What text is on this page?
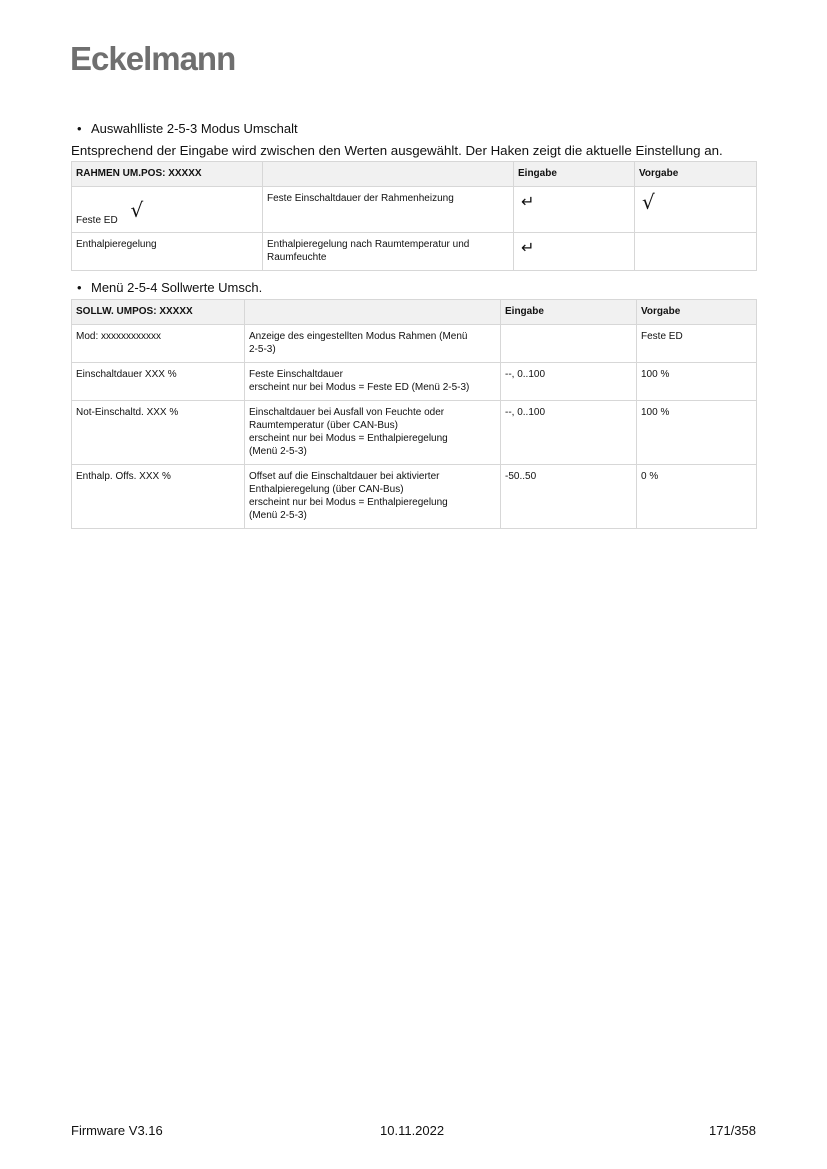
Eckelmann
• Auswahlliste 2-5-3 Modus Umschalt
Entsprechend der Eingabe wird zwischen den Werten ausgewählt. Der Haken zeigt die aktuelle Einstellung an.
RAHMEN UM.POS: XXXXX		Eingabe	Vorgabe
Feste ED √	Feste Einschaltdauer der Rahmenheizung	↵	√
Enthalpieregelung	Enthalpieregelung nach Raumtemperatur und Raumfeuchte	↵	
• Menü 2-5-4 Sollwerte Umsch.
SOLLW. UMPOS: XXXXX		Eingabe	Vorgabe
Mod: xxxxxxxxxxxx	Anzeige des eingestellten Modus Rahmen (Menü
2-5-3)		Feste ED
Einschaltdauer XXX %	Feste Einschaltdauer
erscheint nur bei Modus = Feste ED (Menü 2-5-3)	--, 0..100	100 %
Not-Einschaltd. XXX %	Einschaltdauer bei Ausfall von Feuchte oder
Raumtemperatur (über CAN-Bus)
erscheint nur bei Modus = Enthalpieregelung
(Menü 2-5-3)	--, 0..100	100 %
Enthalp. Offs. XXX %	Offset auf die Einschaltdauer bei aktivierter
Enthalpieregelung (über CAN-Bus)
erscheint nur bei Modus = Enthalpieregelung
(Menü 2-5-3)	-50..50	0 %
Firmware V3.16	10.11.2022	171/358
